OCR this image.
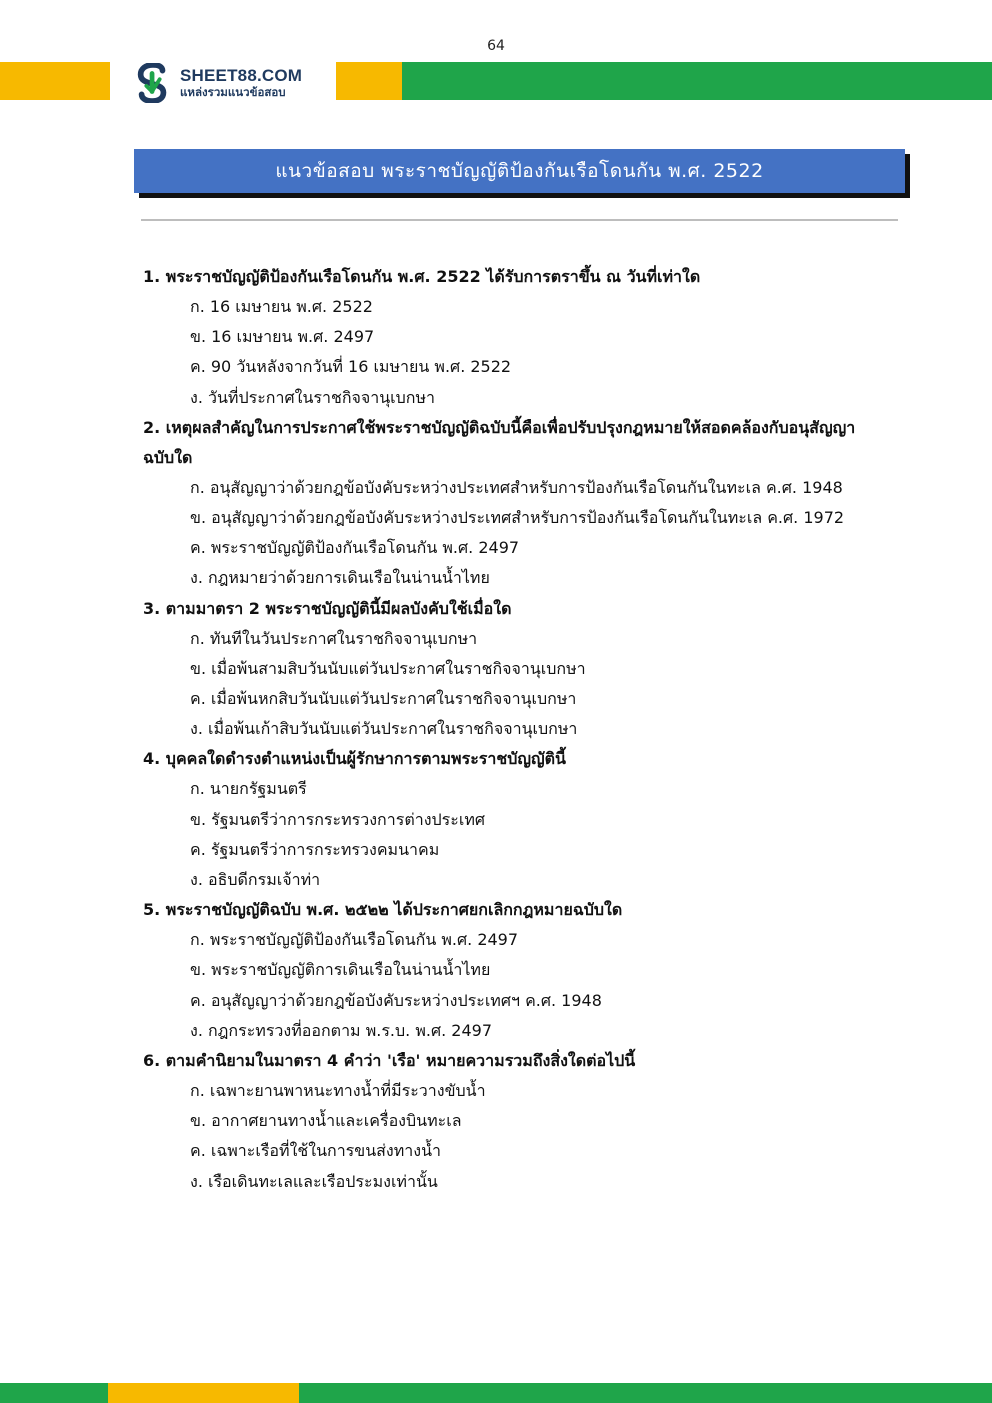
64
SHEET88.COM
แหล่งรวมแนวข้อสอบ
แนวข้อสอบ พระราชบัญญัติป้องกันเรือโดนกัน พ.ศ. 2522
1. พระราชบัญญัติป้องกันเรือโดนกัน พ.ศ. 2522 ได้รับการตราขึ้น ณ วันที่เท่าใด
ก. 16 เมษายน พ.ศ. 2522
ข. 16 เมษายน พ.ศ. 2497
ค. 90 วันหลังจากวันที่ 16 เมษายน พ.ศ. 2522
ง. วันที่ประกาศในราชกิจจานุเบกษา
2. เหตุผลสำคัญในการประกาศใช้พระราชบัญญัติฉบับนี้คือเพื่อปรับปรุงกฎหมายให้สอดคล้องกับอนุสัญญาฉบับใด
ก. อนุสัญญาว่าด้วยกฎข้อบังคับระหว่างประเทศสำหรับการป้องกันเรือโดนกันในทะเล ค.ศ. 1948
ข. อนุสัญญาว่าด้วยกฎข้อบังคับระหว่างประเทศสำหรับการป้องกันเรือโดนกันในทะเล ค.ศ. 1972
ค. พระราชบัญญัติป้องกันเรือโดนกัน พ.ศ. 2497
ง. กฎหมายว่าด้วยการเดินเรือในน่านน้ำไทย
3. ตามมาตรา 2 พระราชบัญญัตินี้มีผลบังคับใช้เมื่อใด
ก. ทันทีในวันประกาศในราชกิจจานุเบกษา
ข. เมื่อพ้นสามสิบวันนับแต่วันประกาศในราชกิจจานุเบกษา
ค. เมื่อพ้นหกสิบวันนับแต่วันประกาศในราชกิจจานุเบกษา
ง. เมื่อพ้นเก้าสิบวันนับแต่วันประกาศในราชกิจจานุเบกษา
4. บุคคลใดดำรงตำแหน่งเป็นผู้รักษาการตามพระราชบัญญัตินี้
ก. นายกรัฐมนตรี
ข. รัฐมนตรีว่าการกระทรวงการต่างประเทศ
ค. รัฐมนตรีว่าการกระทรวงคมนาคม
ง. อธิบดีกรมเจ้าท่า
5. พระราชบัญญัติฉบับ พ.ศ. ๒๕๒๒ ได้ประกาศยกเลิกกฎหมายฉบับใด
ก. พระราชบัญญัติป้องกันเรือโดนกัน พ.ศ. 2497
ข. พระราชบัญญัติการเดินเรือในน่านน้ำไทย
ค. อนุสัญญาว่าด้วยกฎข้อบังคับระหว่างประเทศฯ ค.ศ. 1948
ง. กฎกระทรวงที่ออกตาม พ.ร.บ. พ.ศ. 2497
6. ตามคำนิยามในมาตรา 4 คำว่า 'เรือ' หมายความรวมถึงสิ่งใดต่อไปนี้
ก. เฉพาะยานพาหนะทางน้ำที่มีระวางขับน้ำ
ข. อากาศยานทางน้ำและเครื่องบินทะเล
ค. เฉพาะเรือที่ใช้ในการขนส่งทางน้ำ
ง. เรือเดินทะเลและเรือประมงเท่านั้น
